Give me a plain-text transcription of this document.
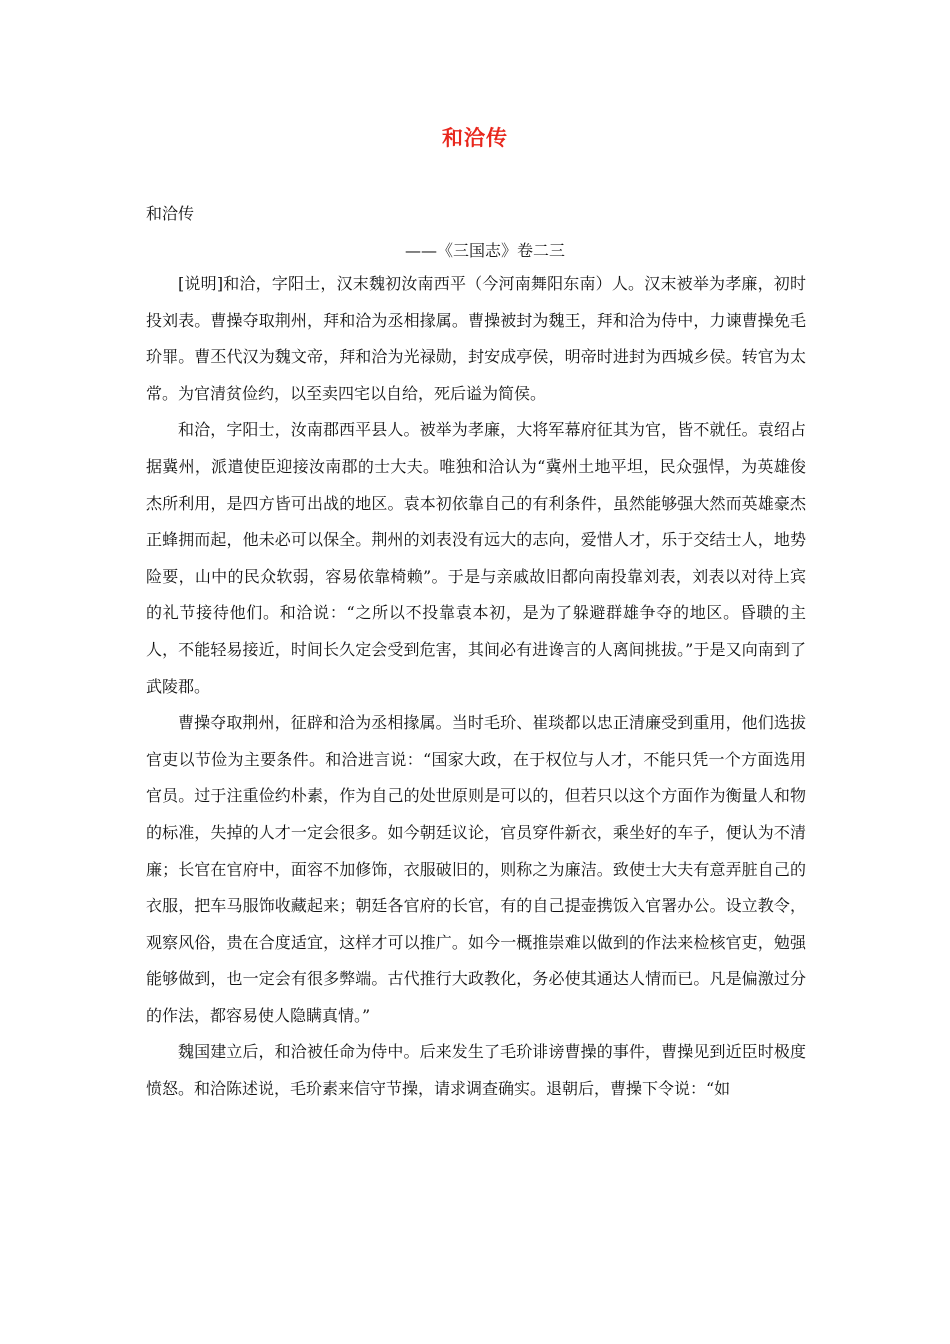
和洽传
和洽传
——《三国志》卷二三

[说明]和洽，字阳士，汉末魏初汝南西平（今河南舞阳东南）人。汉末被举为孝廉，初时投刘表。曹操夺取荆州，拜和洽为丞相掾属。曹操被封为魏王，拜和洽为侍中，力谏曹操免毛玠罪。曹丕代汉为魏文帝，拜和洽为光禄勋，封安成亭侯，明帝时进封为西城乡侯。转官为太常。为官清贫俭约，以至卖四宅以自给，死后谥为简侯。

和洽，字阳士，汝南郡西平县人。被举为孝廉，大将军幕府征其为官，皆不就任。袁绍占据冀州，派遣使臣迎接汝南郡的士大夫。唯独和洽认为“冀州土地平坦，民众强悍，为英雄俊杰所利用，是四方皆可出战的地区。袁本初依靠自己的有利条件，虽然能够强大然而英雄豪杰正蜂拥而起，他未必可以保全。荆州的刘表没有远大的志向，爱惜人才，乐于交结士人，地势险要，山中的民众软弱，容易依靠椅赖”。于是与亲戚故旧都向南投靠刘表，刘表以对待上宾的礼节接待他们。和洽说：“之所以不投靠袁本初，是为了躲避群雄争夺的地区。昏聩的主人，不能轻易接近，时间长久定会受到危害，其间必有进谗言的人离间挑拔。”于是又向南到了武陵郡。

曹操夺取荆州，征辟和洽为丞相掾属。当时毛玠、崔琰都以忠正清廉受到重用，他们选拔官吏以节俭为主要条件。和洽进言说：“国家大政，在于权位与人才，不能只凭一个方面选用官员。过于注重俭约朴素，作为自己的处世原则是可以的，但若只以这个方面作为衡量人和物的标准，失掉的人才一定会很多。如今朝廷议论，官员穿件新衣，乘坐好的车子，便认为不清廉；长官在官府中，面容不加修饰，衣服破旧的，则称之为廉洁。致使士大夫有意弄脏自己的衣服，把车马服饰收藏起来；朝廷各官府的长官，有的自己提壶携饭入官署办公。设立教令，观察风俗，贵在合度适宜，这样才可以推广。如今一概推崇难以做到的作法来检核官吏，勉强能够做到，也一定会有很多弊端。古代推行大政教化，务必使其通达人情而已。凡是偏激过分的作法，都容易使人隐瞒真情。”

魏国建立后，和洽被任命为侍中。后来发生了毛玠诽谤曹操的事件，曹操见到近臣时极度愤怒。和洽陈述说，毛玠素来信守节操，请求调查确实。退朝后，曹操下令说：“如
